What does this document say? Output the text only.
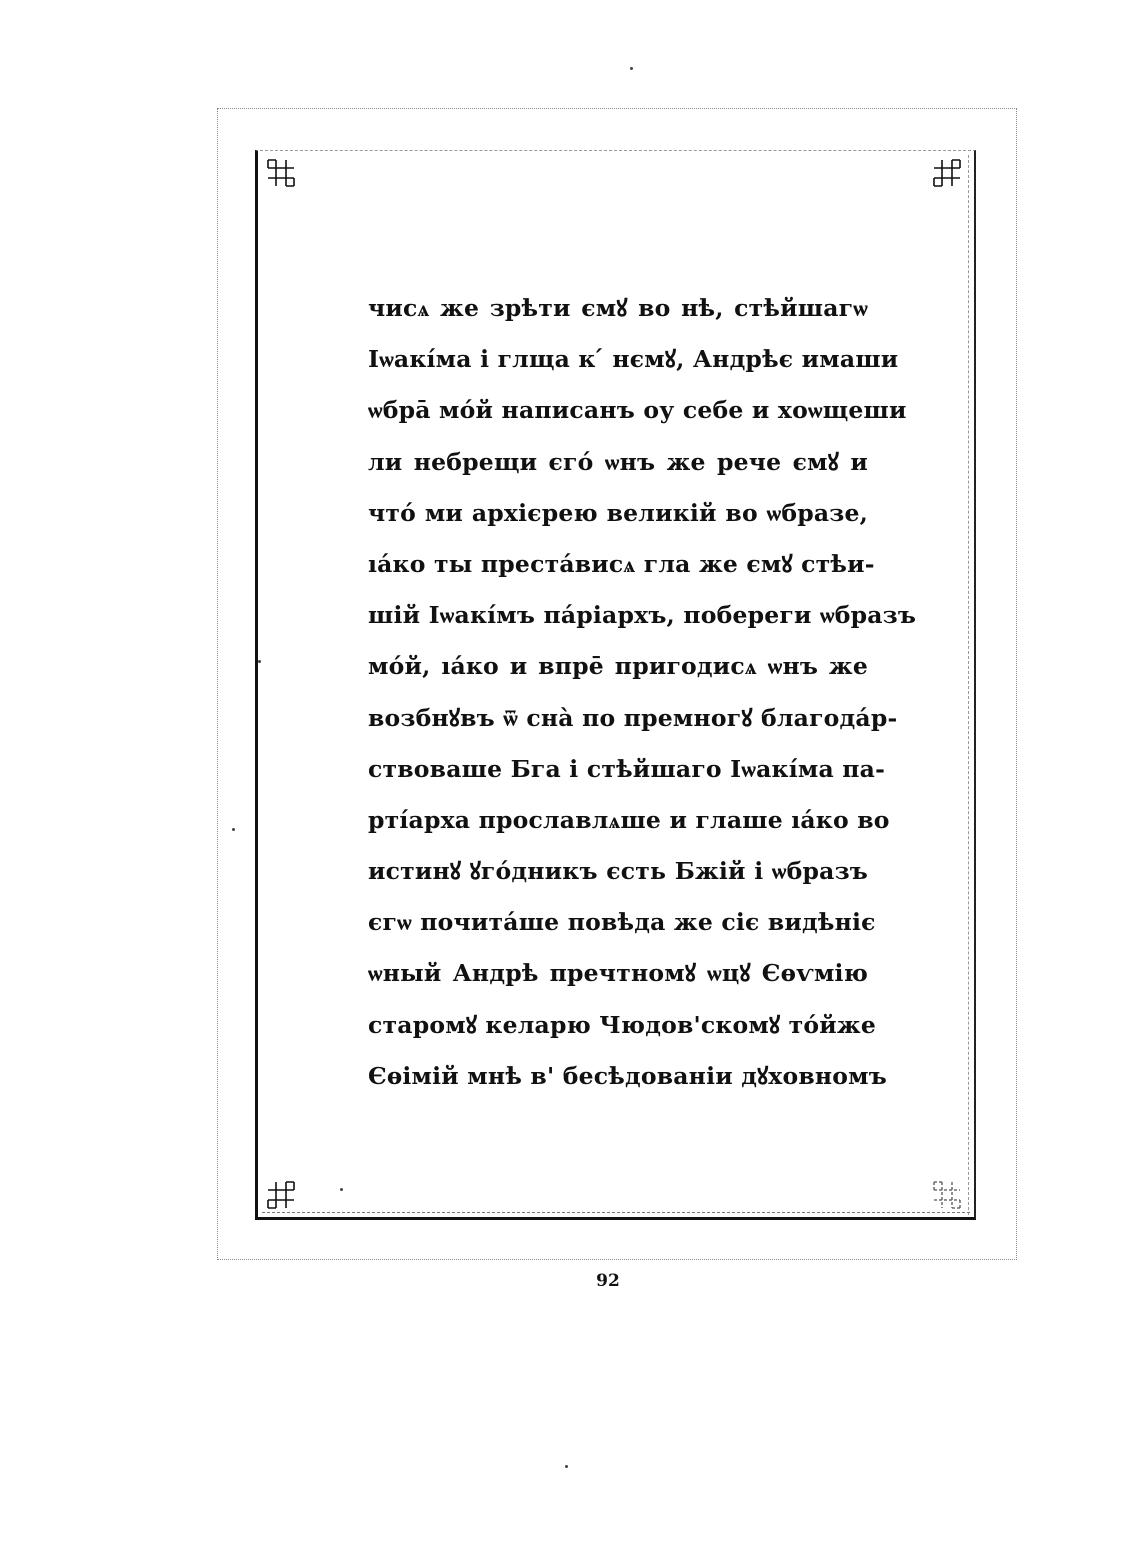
чисѧ же зрѣти ємꙋ во нѣ, стѣйшагѡ
Іѡакíма і глща к ́ нємꙋ, Андрѣє имаши
ѡбрā мóй написанъ оу себе и хоѡщеши
ли небрещи єгó ѡнъ же рече ємꙋ и
чтó ми архієрею великій во ѡбразе,
ıáко ты престáвисѧ гла же ємꙋ стѣи-
шій Іѡакíмъ пáріархъ, побереги ѡбразъ
мóй, ıáко и впрē пригодисѧ ѡнъ же
возбнꙋвъ ѿ снà по премногꙋ благодáр-
ствоваше Бга і стѣйшаго Іѡакíма па-
ртíарха прославлѧше и глаше ıáко во
истинꙋ ꙋгóдникъ єсть Бжій і ѡбразъ
єгѡ почитáше повѣда же сіє видѣніє
ѡный Андрѣ пречтномꙋ ѡцꙋ Єѳѵмію
старомꙋ келарю Чюдов'скомꙋ тóйже
Єѳімій мнѣ в' бесѣдованіи дꙋховномъ
92
